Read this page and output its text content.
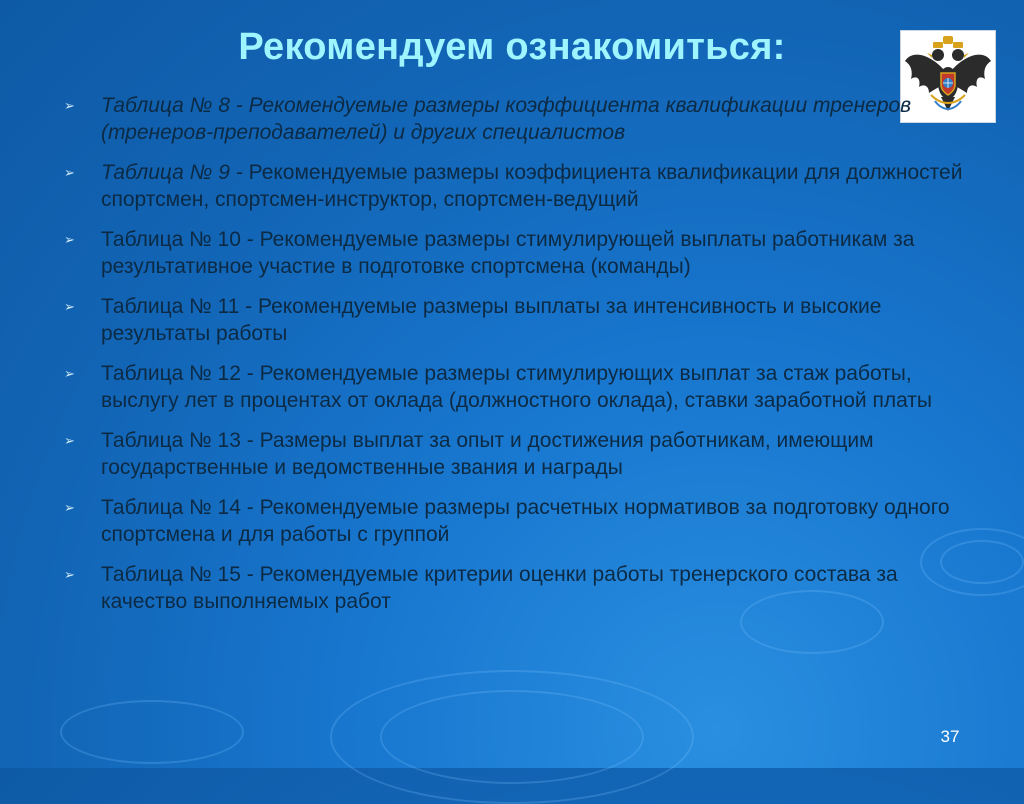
Рекомендуем ознакомиться:
➢ Таблица № 8 - Рекомендуемые размеры коэффициента квалификации тренеров (тренеров-преподавателей) и других специалистов
➢ Таблица № 9 - Рекомендуемые размеры коэффициента квалификации для должностей спортсмен, спортсмен-инструктор, спортсмен-ведущий
➢ Таблица № 10 - Рекомендуемые размеры стимулирующей выплаты работникам за результативное участие в подготовке спортсмена (команды)
➢ Таблица № 11 - Рекомендуемые размеры выплаты за интенсивность и высокие результаты работы
➢ Таблица № 12 - Рекомендуемые размеры стимулирующих выплат за стаж работы, выслугу лет в процентах от оклада (должностного оклада), ставки заработной платы
➢ Таблица № 13 - Размеры выплат за опыт и достижения работникам, имеющим государственные и ведомственные звания и награды
➢ Таблица № 14 - Рекомендуемые размеры расчетных нормативов за подготовку одного спортсмена и для работы с группой
➢ Таблица № 15 - Рекомендуемые критерии оценки работы тренерского состава за качество выполняемых работ
37
